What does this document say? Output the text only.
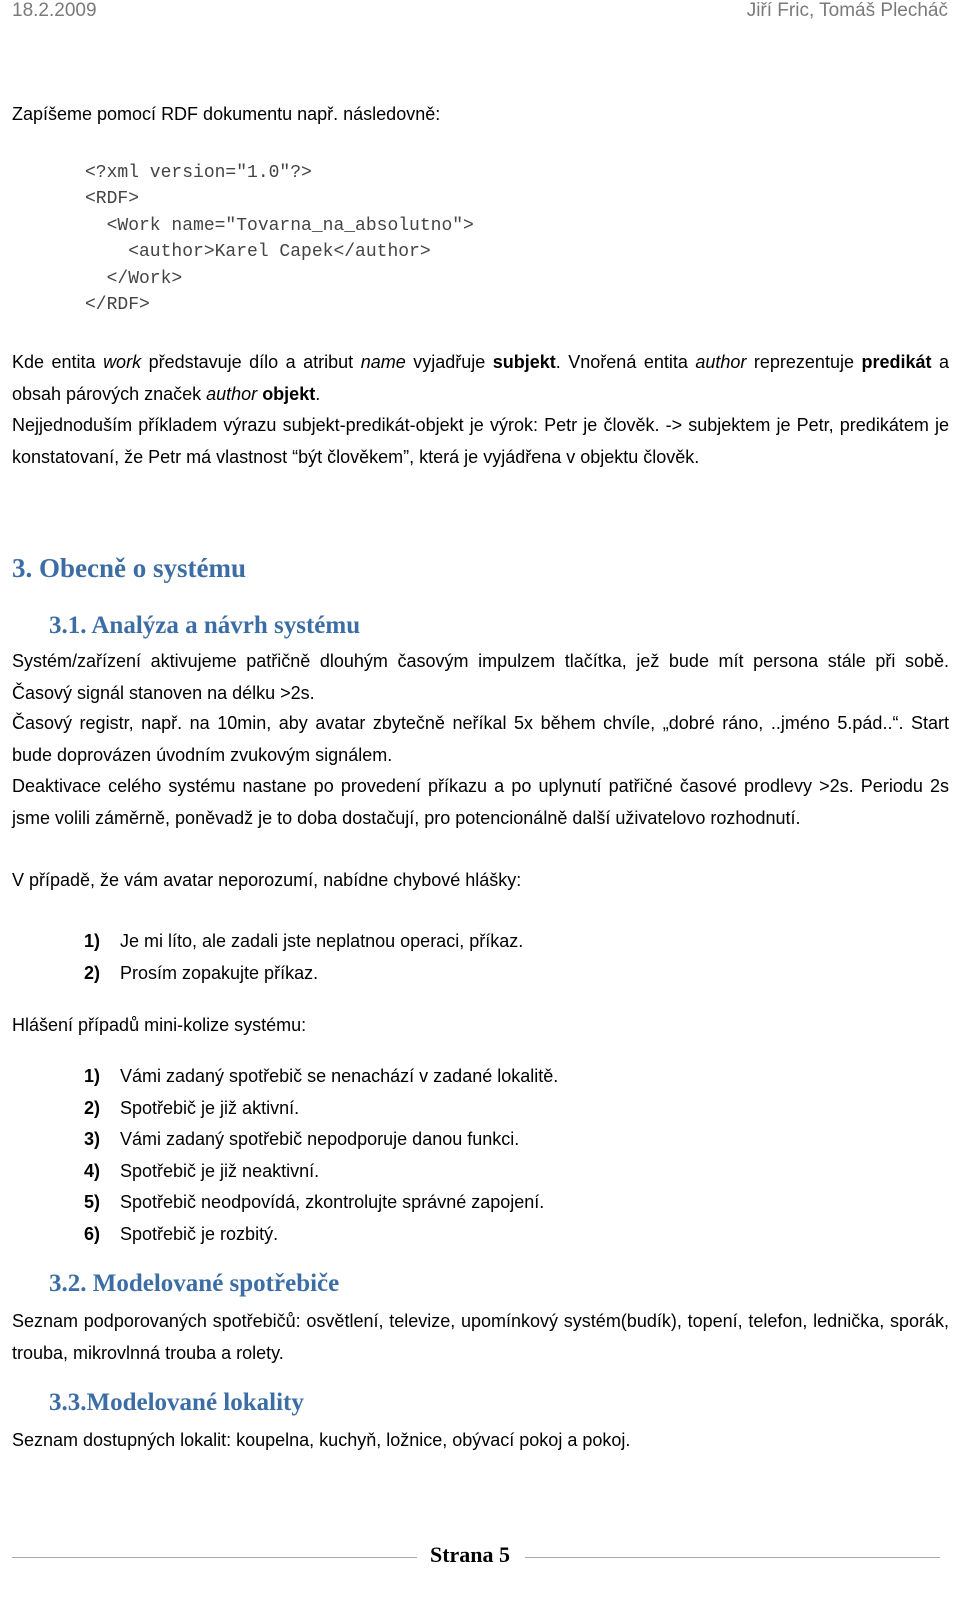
18.2.2009	Jiří Fric, Tomáš Plecháč

Zapíšeme pomocí RDF dokumentu např. následovně:

<?xml version="1.0"?>
<RDF>
<Work name="Tovarna_na_absolutno">
<author>Karel Capek</author>
</Work>
</RDF>

Kde entita work představuje dílo a atribut name vyjadřuje subjekt. Vnořená entita author reprezentuje predikát a obsah párových značek author objekt.

Nejjednoduším příkladem výrazu subjekt-predikát-objekt je výrok: Petr je člověk. -> subjektem je Petr, predikátem je konstatovaní, že Petr má vlastnost “být člověkem”, která je vyjádřena v objektu člověk.

3. Obecně o systému
3.1. Analýza a návrh systému

Systém/zařízení aktivujeme patřičně dlouhým časovým impulzem tlačítka, jež bude mít persona stále při sobě. Časový signál stanoven na délku >2s.

Časový registr, např. na 10min, aby avatar zbytečně neříkal 5x během chvíle, „dobré ráno, ..jméno 5.pád..“. Start bude doprovázen úvodním zvukovým signálem.

Deaktivace celého systému nastane po provedení příkazu a po uplynutí patřičné časové prodlevy >2s. Periodu 2s jsme volili záměrně, poněvadž je to doba dostačují, pro potencionálně další uživatelovo rozhodnutí.

V případě, že vám avatar neporozumí, nabídne chybové hlášky:

1) Je mi líto, ale zadali jste neplatnou operaci, příkaz.
2) Prosím zopakujte příkaz.

Hlášení případů mini-kolize systému:

1) Vámi zadaný spotřebič se nenachází v zadané lokalitě.
2) Spotřebič je již aktivní.
3) Vámi zadaný spotřebič nepodporuje danou funkci.
4) Spotřebič je již neaktivní.
5) Spotřebič neodpovídá, zkontrolujte správné zapojení.
6) Spotřebič je rozbitý.
3.2. Modelované spotřebiče

Seznam podporovaných spotřebičů: osvětlení, televize, upomínkový systém(budík), topení, telefon, lednička, sporák, trouba, mikrovlnná trouba a rolety.

3.3.Modelované lokality

Seznam dostupných lokalit: koupelna, kuchyň, ložnice, obývací pokoj a pokoj.

Strana 5
